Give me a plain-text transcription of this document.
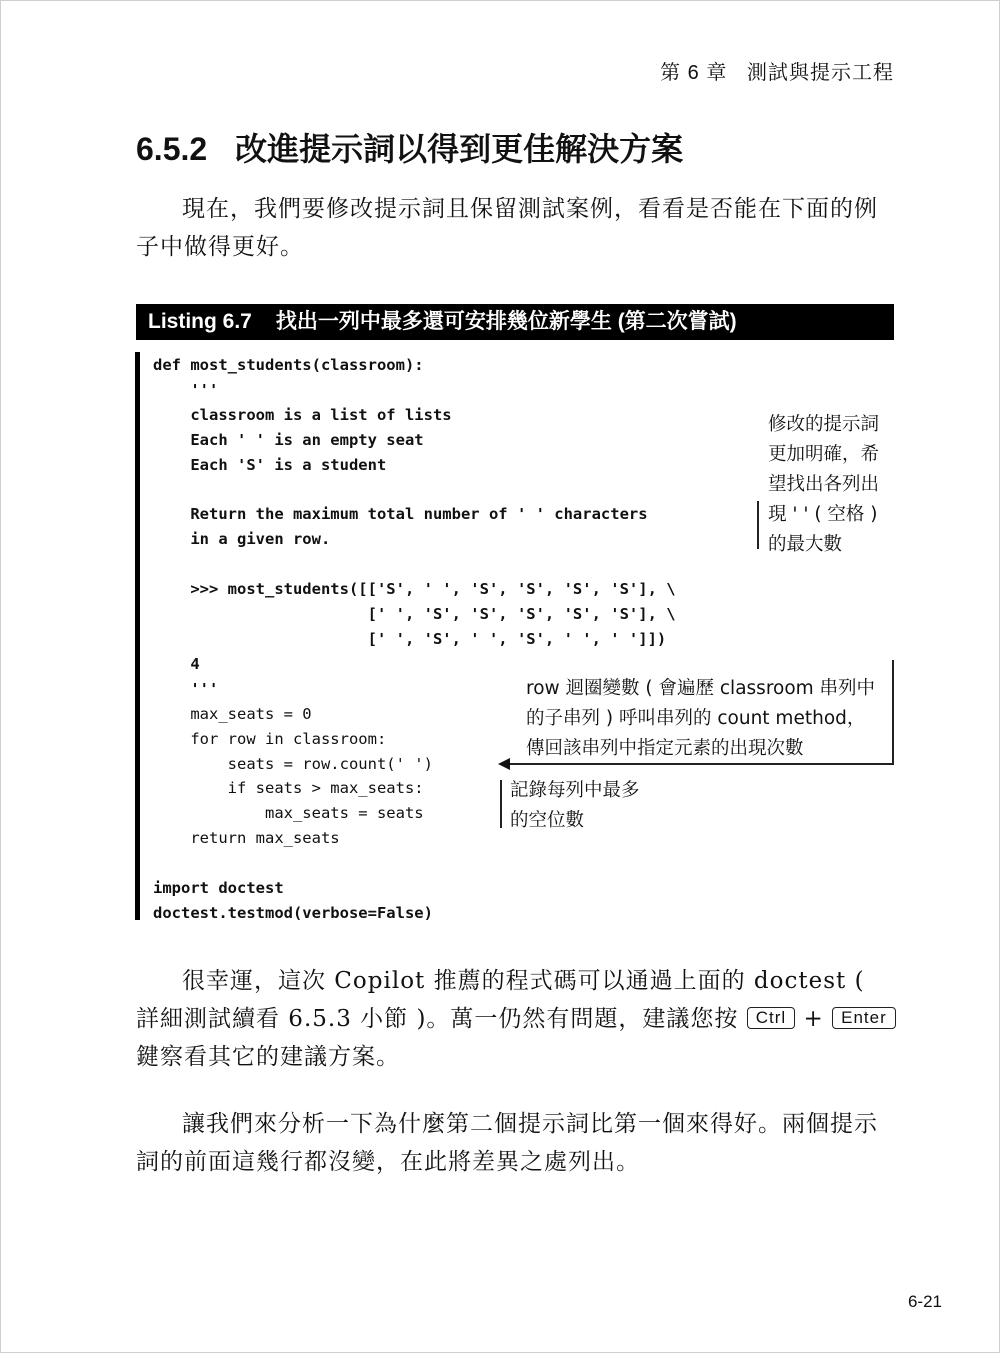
第 6 章 測試與提示工程
6.5.2 改進提示詞以得到更佳解決方案
現在，我們要修改提示詞且保留測試案例，看看是否能在下面的例子中做得更好。
Listing 6.7 找出一列中最多還可安排幾位新學生 (第二次嘗試)
def most_students(classroom):
'''
classroom is a list of lists
Each ' ' is an empty seat
Each 'S' is a student

Return the maximum total number of ' ' characters
in a given row.

>>> most_students([['S', ' ', 'S', 'S', 'S', 'S'], \
[' ', 'S', 'S', 'S', 'S', 'S'], \
[' ', 'S', ' ', 'S', ' ', ' ']])
4
'''
max_seats = 0
for row in classroom:
seats = row.count(' ')
if seats > max_seats:
max_seats = seats
return max_seats

import doctest
doctest.testmod(verbose=False)
修改的提示詞
更加明確，希
望找出各列出
現 ' ' ( 空格 )
的最大數
row 迴圈變數 ( 會遍歷 classroom 串列中
的子串列 ) 呼叫串列的 count method，
傳回該串列中指定元素的出現次數
記錄每列中最多
的空位數
很幸運，這次 Copilot 推薦的程式碼可以通過上面的 doctest ( 詳細測試續看 6.5.3 小節 )。萬一仍然有問題，建議您按 Ctrl + Enter 鍵察看其它的建議方案。
讓我們來分析一下為什麼第二個提示詞比第一個來得好。兩個提示詞的前面這幾行都沒變，在此將差異之處列出。
6-21
